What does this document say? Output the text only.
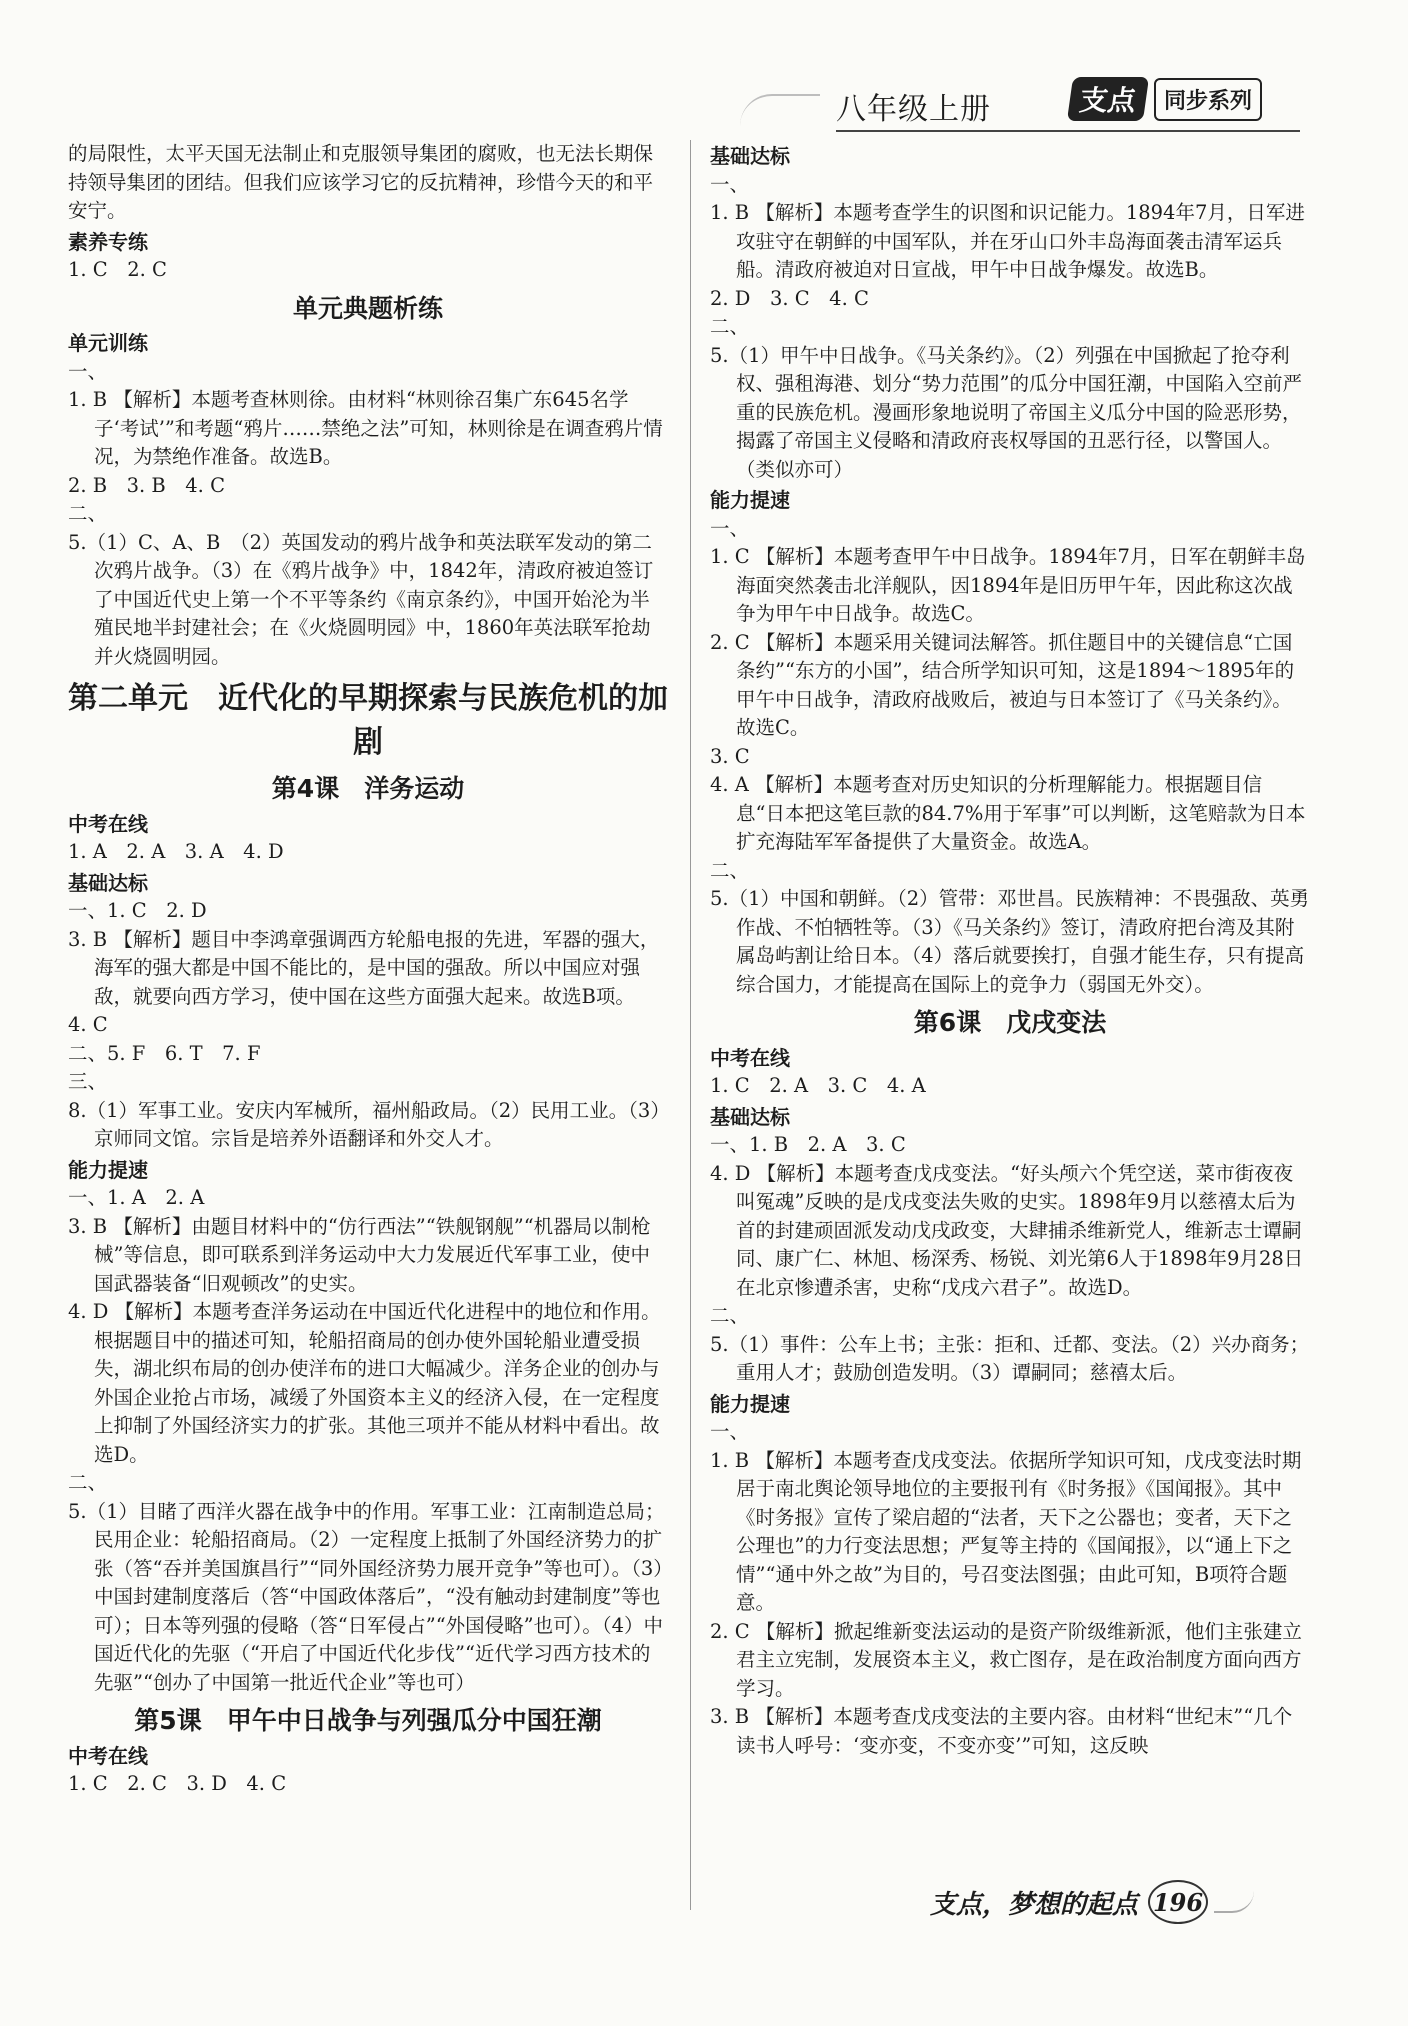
八年级上册	支点	同步系列

的局限性，太平天国无法制止和克服领导集团的腐败，也无法长期保持领导集团的团结。但我们应该学习它的反抗精神，珍惜今天的和平安宁。

素养专练

1. C　2. C

单元典题析练

单元训练

一、

1. B 【解析】本题考查林则徐。由材料“林则徐召集广东645名学子‘考试’”和考题“鸦片……禁绝之法”可知，林则徐是在调查鸦片情况，为禁绝作准备。故选B。

2. B　3. B　4. C

二、

5.（1）C、A、B　（2）英国发动的鸦片战争和英法联军发动的第二次鸦片战争。（3）在《鸦片战争》中，1842年，清政府被迫签订了中国近代史上第一个不平等条约《南京条约》，中国开始沦为半殖民地半封建社会；在《火烧圆明园》中，1860年英法联军抢劫并火烧圆明园。

第二单元　近代化的早期探索与民族危机的加剧

第4课　洋务运动

中考在线

1. A　2. A　3. A　4. D

基础达标

一、1. C　2. D

3. B 【解析】题目中李鸿章强调西方轮船电报的先进，军器的强大，海军的强大都是中国不能比的，是中国的强敌。所以中国应对强敌，就要向西方学习，使中国在这些方面强大起来。故选B项。

4. C

二、5. F　6. T　7. F

三、

8.（1）军事工业。安庆内军械所，福州船政局。（2）民用工业。（3）京师同文馆。宗旨是培养外语翻译和外交人才。

能力提速

一、1. A　2. A

3. B 【解析】由题目材料中的“仿行西法”“铁舰钢舰”“机器局以制枪械”等信息，即可联系到洋务运动中大力发展近代军事工业，使中国武器装备“旧观顿改”的史实。

4. D 【解析】本题考查洋务运动在中国近代化进程中的地位和作用。根据题目中的描述可知，轮船招商局的创办使外国轮船业遭受损失，湖北织布局的创办使洋布的进口大幅减少。洋务企业的创办与外国企业抢占市场，减缓了外国资本主义的经济入侵，在一定程度上抑制了外国经济实力的扩张。其他三项并不能从材料中看出。故选D。

二、

5.（1）目睹了西洋火器在战争中的作用。军事工业：江南制造总局；民用企业：轮船招商局。（2）一定程度上抵制了外国经济势力的扩张（答“吞并美国旗昌行”“同外国经济势力展开竞争”等也可）。（3）中国封建制度落后（答“中国政体落后”，“没有触动封建制度”等也可）；日本等列强的侵略（答“日军侵占”“外国侵略”也可）。（4）中国近代化的先驱（“开启了中国近代化步伐”“近代学习西方技术的先驱”“创办了中国第一批近代企业”等也可）

第5课　甲午中日战争与列强瓜分中国狂潮

中考在线

1. C　2. C　3. D　4. C

基础达标

一、

1. B 【解析】本题考查学生的识图和识记能力。1894年7月，日军进攻驻守在朝鲜的中国军队，并在牙山口外丰岛海面袭击清军运兵船。清政府被迫对日宣战，甲午中日战争爆发。故选B。

2. D　3. C　4. C

二、

5.（1）甲午中日战争。《马关条约》。（2）列强在中国掀起了抢夺利权、强租海港、划分“势力范围”的瓜分中国狂潮，中国陷入空前严重的民族危机。漫画形象地说明了帝国主义瓜分中国的险恶形势，揭露了帝国主义侵略和清政府丧权辱国的丑恶行径，以警国人。（类似亦可）

能力提速

一、

1. C 【解析】本题考查甲午中日战争。1894年7月，日军在朝鲜丰岛海面突然袭击北洋舰队，因1894年是旧历甲午年，因此称这次战争为甲午中日战争。故选C。

2. C 【解析】本题采用关键词法解答。抓住题目中的关键信息“亡国条约”“东方的小国”，结合所学知识可知，这是1894～1895年的甲午中日战争，清政府战败后，被迫与日本签订了《马关条约》。故选C。

3. C

4. A 【解析】本题考查对历史知识的分析理解能力。根据题目信息“日本把这笔巨款的84.7%用于军事”可以判断，这笔赔款为日本扩充海陆军军备提供了大量资金。故选A。

二、

5.（1）中国和朝鲜。（2）管带：邓世昌。民族精神：不畏强敌、英勇作战、不怕牺牲等。（3）《马关条约》签订，清政府把台湾及其附属岛屿割让给日本。（4）落后就要挨打，自强才能生存，只有提高综合国力，才能提高在国际上的竞争力（弱国无外交）。

第6课　戊戌变法

中考在线

1. C　2. A　3. C　4. A

基础达标

一、1. B　2. A　3. C

4. D 【解析】本题考查戊戌变法。“好头颅六个凭空送，菜市街夜夜叫冤魂”反映的是戊戌变法失败的史实。1898年9月以慈禧太后为首的封建顽固派发动戊戌政变，大肆捕杀维新党人，维新志士谭嗣同、康广仁、林旭、杨深秀、杨锐、刘光第6人于1898年9月28日在北京惨遭杀害，史称“戊戌六君子”。故选D。

二、

5.（1）事件：公车上书；主张：拒和、迁都、变法。（2）兴办商务；重用人才；鼓励创造发明。（3）谭嗣同；慈禧太后。

能力提速

一、

1. B 【解析】本题考查戊戌变法。依据所学知识可知，戊戌变法时期居于南北舆论领导地位的主要报刊有《时务报》《国闻报》。其中《时务报》宣传了梁启超的“法者，天下之公器也；变者，天下之公理也”的力行变法思想；严复等主持的《国闻报》，以“通上下之情”“通中外之故”为目的，号召变法图强；由此可知，B项符合题意。

2. C 【解析】掀起维新变法运动的是资产阶级维新派，他们主张建立君主立宪制，发展资本主义，救亡图存，是在政治制度方面向西方学习。

3. B 【解析】本题考查戊戌变法的主要内容。由材料“世纪末”“几个读书人呼号：‘变亦变，不变亦变’”可知，这反映

支点，梦想的起点 196
